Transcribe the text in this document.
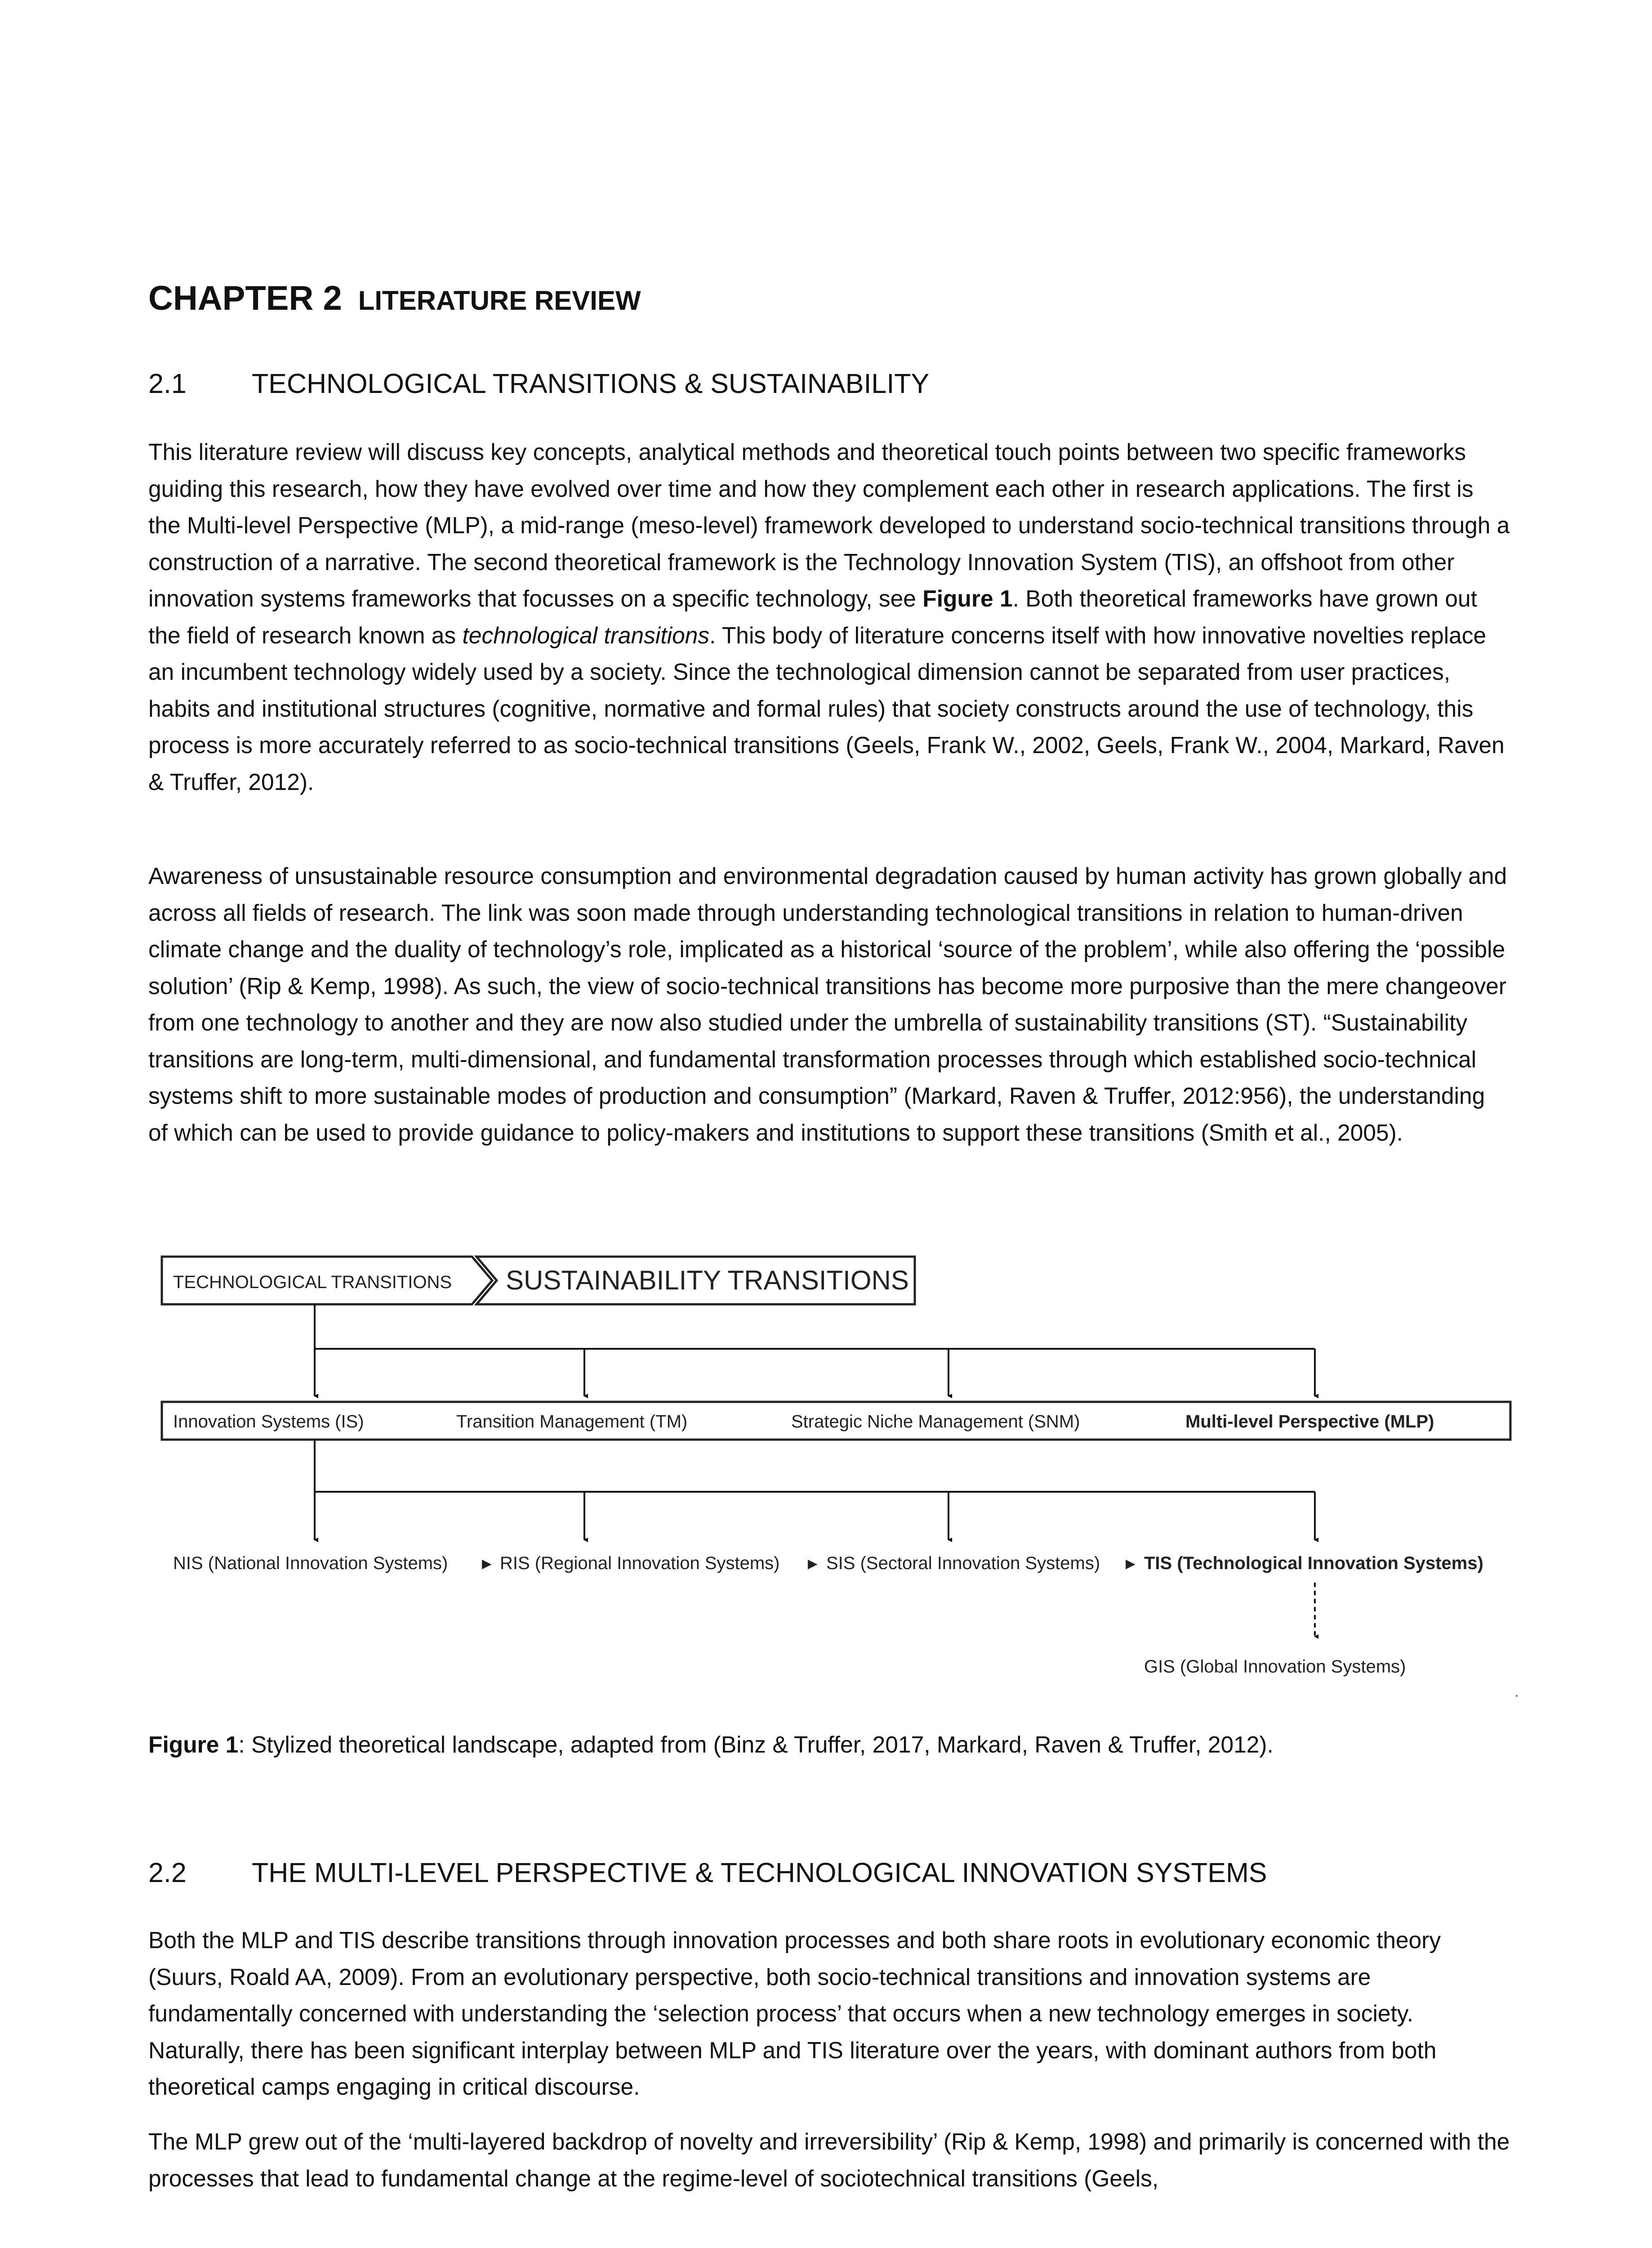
CHAPTER 2 LITERATURE REVIEW
2.1 TECHNOLOGICAL TRANSITIONS & SUSTAINABILITY
This literature review will discuss key concepts, analytical methods and theoretical touch points between two specific frameworks guiding this research, how they have evolved over time and how they complement each other in research applications. The first is the Multi-level Perspective (MLP), a mid-range (meso-level) framework developed to understand socio-technical transitions through a construction of a narrative. The second theoretical framework is the Technology Innovation System (TIS), an offshoot from other innovation systems frameworks that focusses on a specific technology, see Figure 1. Both theoretical frameworks have grown out the field of research known as technological transitions. This body of literature concerns itself with how innovative novelties replace an incumbent technology widely used by a society. Since the technological dimension cannot be separated from user practices, habits and institutional structures (cognitive, normative and formal rules) that society constructs around the use of technology, this process is more accurately referred to as socio-technical transitions (Geels, Frank W., 2002, Geels, Frank W., 2004, Markard, Raven & Truffer, 2012).
Awareness of unsustainable resource consumption and environmental degradation caused by human activity has grown globally and across all fields of research. The link was soon made through understanding technological transitions in relation to human-driven climate change and the duality of technology’s role, implicated as a historical ‘source of the problem’, while also offering the ‘possible solution’ (Rip & Kemp, 1998). As such, the view of socio-technical transitions has become more purposive than the mere changeover from one technology to another and they are now also studied under the umbrella of sustainability transitions (ST). “Sustainability transitions are long-term, multi-dimensional, and fundamental transformation processes through which established socio-technical systems shift to more sustainable modes of production and consumption” (Markard, Raven & Truffer, 2012:956), the understanding of which can be used to provide guidance to policy-makers and institutions to support these transitions (Smith et al., 2005).
TECHNOLOGICAL TRANSITIONS SUSTAINABILITY TRANSITIONS
Innovation Systems (IS)	Transition Management (TM)	Strategic Niche Management (SNM)	Multi-level Perspective (MLP)
NIS (National Innovation Systems) ► RIS (Regional Innovation Systems) ► SIS (Sectoral Innovation Systems) ► TIS (Technological Innovation Systems)
GIS (Global Innovation Systems)
Figure 1: Stylized theoretical landscape, adapted from (Binz & Truffer, 2017, Markard, Raven & Truffer, 2012).
2.2 THE MULTI-LEVEL PERSPECTIVE & TECHNOLOGICAL INNOVATION SYSTEMS
Both the MLP and TIS describe transitions through innovation processes and both share roots in evolutionary economic theory (Suurs, Roald AA, 2009). From an evolutionary perspective, both socio-technical transitions and innovation systems are fundamentally concerned with understanding the ‘selection process’ that occurs when a new technology emerges in society. Naturally, there has been significant interplay between MLP and TIS literature over the years, with dominant authors from both theoretical camps engaging in critical discourse.
The MLP grew out of the ‘multi-layered backdrop of novelty and irreversibility’ (Rip & Kemp, 1998) and primarily is concerned with the processes that lead to fundamental change at the regime-level of sociotechnical transitions (Geels,
